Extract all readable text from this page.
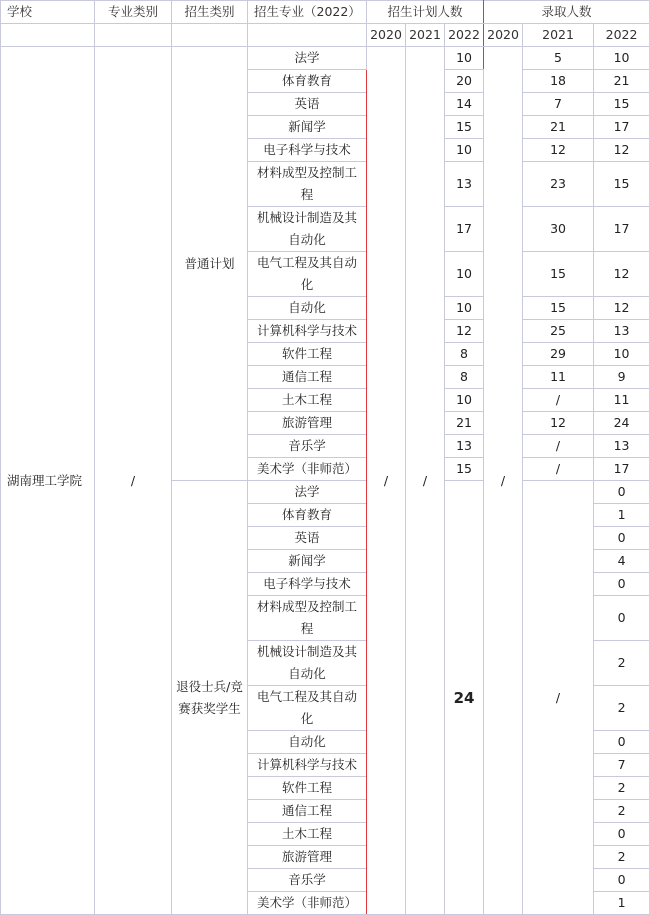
学校	专业类别	招生类别	招生专业（2022）	招生计划人数			录取人数		
				2020	2021	2022	2020	2021	2022
湖南理工学院	/	普通计划	法学	/	/	10	/	5	10
			体育教育			20		18	21
			英语			14		7	15
			新闻学			15		21	17
			电子科学与技术			10		12	12
			材料成型及控制工程			13		23	15
			机械设计制造及其自动化			17		30	17
			电气工程及其自动化			10		15	12
			自动化			10		15	12
			计算机科学与技术			12		25	13
			软件工程			8		29	10
			通信工程			8		11	9
			土木工程			10		/	11
			旅游管理			21		12	24
			音乐学			13		/	13
			美术学（非师范）			15		/	17
		退役士兵/竞赛获奖学生	法学			24		/	0
			体育教育						1
			英语						0
			新闻学						4
			电子科学与技术						0
			材料成型及控制工程						0
			机械设计制造及其自动化						2
			电气工程及其自动化						2
			自动化						0
			计算机科学与技术						7
			软件工程						2
			通信工程						2
			土木工程						0
			旅游管理						2
			音乐学						0
			美术学（非师范）						1
